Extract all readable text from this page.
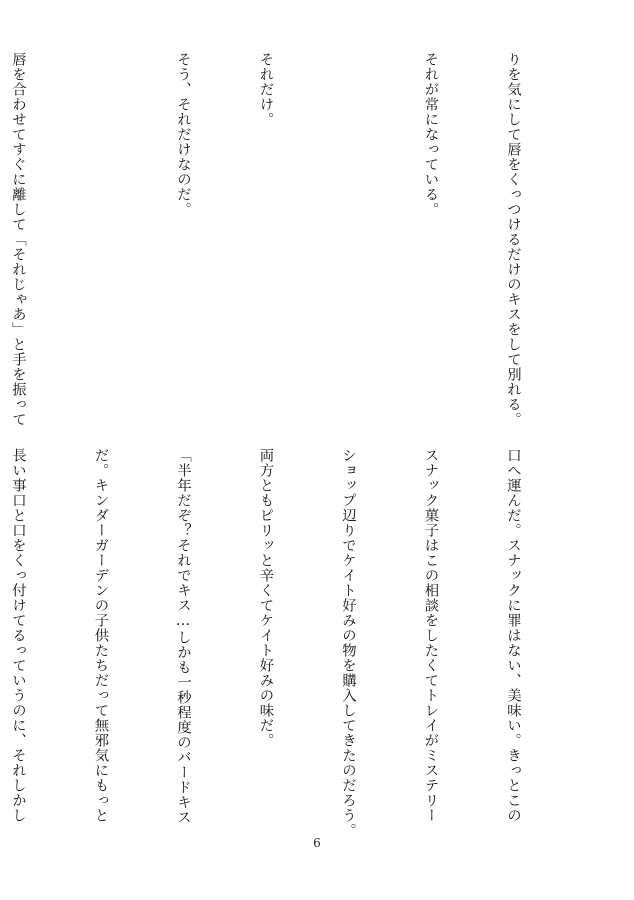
りを気にして唇をくっつけるだけのキスをして別れる。

それが常になっている。

それだけ。

そう、それだけなのだ。

唇を合わせてすぐに離して「それじゃあ」と手を振って

口へ運んだ。スナックに罪はない、美味い。きっとこの

スナック菓子はこの相談をしたくてトレイがミステリー

ショップ辺りでケイト好みの物を購入してきたのだろう。

両方ともピリッと辛くてケイト好みの味だ。

「半年だぞ？それでキス…しかも一秒程度のバードキス

だ。キンダーガーデンの子供たちだって無邪気にもっと

長い事口と口をくっ付けてるっていうのに、それしかし

6
